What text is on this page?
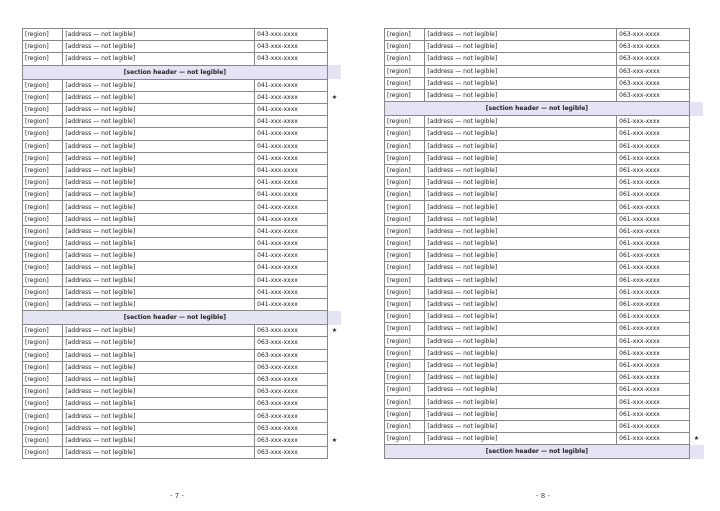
[region]	[address — not legible]	043-xxx-xxxx	
[region]	[address — not legible]	043-xxx-xxxx	
[region]	[address — not legible]	043-xxx-xxxx	
[section header — not legible]			
[region]	[address — not legible]	041-xxx-xxxx	
[region]	[address — not legible]	041-xxx-xxxx	★
[region]	[address — not legible]	041-xxx-xxxx	
[region]	[address — not legible]	041-xxx-xxxx	
[region]	[address — not legible]	041-xxx-xxxx	
[region]	[address — not legible]	041-xxx-xxxx	
[region]	[address — not legible]	041-xxx-xxxx	
[region]	[address — not legible]	041-xxx-xxxx	
[region]	[address — not legible]	041-xxx-xxxx	
[region]	[address — not legible]	041-xxx-xxxx	
[region]	[address — not legible]	041-xxx-xxxx	
[region]	[address — not legible]	041-xxx-xxxx	
[region]	[address — not legible]	041-xxx-xxxx	
[region]	[address — not legible]	041-xxx-xxxx	
[region]	[address — not legible]	041-xxx-xxxx	
[region]	[address — not legible]	041-xxx-xxxx	
[region]	[address — not legible]	041-xxx-xxxx	
[region]	[address — not legible]	041-xxx-xxxx	
[region]	[address — not legible]	041-xxx-xxxx	
[section header — not legible]			
[region]	[address — not legible]	063-xxx-xxxx	★
[region]	[address — not legible]	063-xxx-xxxx	
[region]	[address — not legible]	063-xxx-xxxx	
[region]	[address — not legible]	063-xxx-xxxx	
[region]	[address — not legible]	063-xxx-xxxx	
[region]	[address — not legible]	063-xxx-xxxx	
[region]	[address — not legible]	063-xxx-xxxx	
[region]	[address — not legible]	063-xxx-xxxx	
[region]	[address — not legible]	063-xxx-xxxx	
[region]	[address — not legible]	063-xxx-xxxx	★
[region]	[address — not legible]	063-xxx-xxxx	
- 7 -
[region]	[address — not legible]	063-xxx-xxxx	
[region]	[address — not legible]	063-xxx-xxxx	
[region]	[address — not legible]	063-xxx-xxxx	
[region]	[address — not legible]	063-xxx-xxxx	
[region]	[address — not legible]	063-xxx-xxxx	
[region]	[address — not legible]	063-xxx-xxxx	
[section header — not legible]			
[region]	[address — not legible]	061-xxx-xxxx	
[region]	[address — not legible]	061-xxx-xxxx	
[region]	[address — not legible]	061-xxx-xxxx	
[region]	[address — not legible]	061-xxx-xxxx	
[region]	[address — not legible]	061-xxx-xxxx	
[region]	[address — not legible]	061-xxx-xxxx	
[region]	[address — not legible]	061-xxx-xxxx	
[region]	[address — not legible]	061-xxx-xxxx	
[region]	[address — not legible]	061-xxx-xxxx	
[region]	[address — not legible]	061-xxx-xxxx	
[region]	[address — not legible]	061-xxx-xxxx	
[region]	[address — not legible]	061-xxx-xxxx	
[region]	[address — not legible]	061-xxx-xxxx	
[region]	[address — not legible]	061-xxx-xxxx	
[region]	[address — not legible]	061-xxx-xxxx	
[region]	[address — not legible]	061-xxx-xxxx	
[region]	[address — not legible]	061-xxx-xxxx	
[region]	[address — not legible]	061-xxx-xxxx	
[region]	[address — not legible]	061-xxx-xxxx	
[region]	[address — not legible]	061-xxx-xxxx	
[region]	[address — not legible]	061-xxx-xxxx	
[region]	[address — not legible]	061-xxx-xxxx	
[region]	[address — not legible]	061-xxx-xxxx	
[region]	[address — not legible]	061-xxx-xxxx	
[region]	[address — not legible]	061-xxx-xxxx	
[region]	[address — not legible]	061-xxx-xxxx	
[region]	[address — not legible]	061-xxx-xxxx	★
[section header — not legible]			
- 8 -
